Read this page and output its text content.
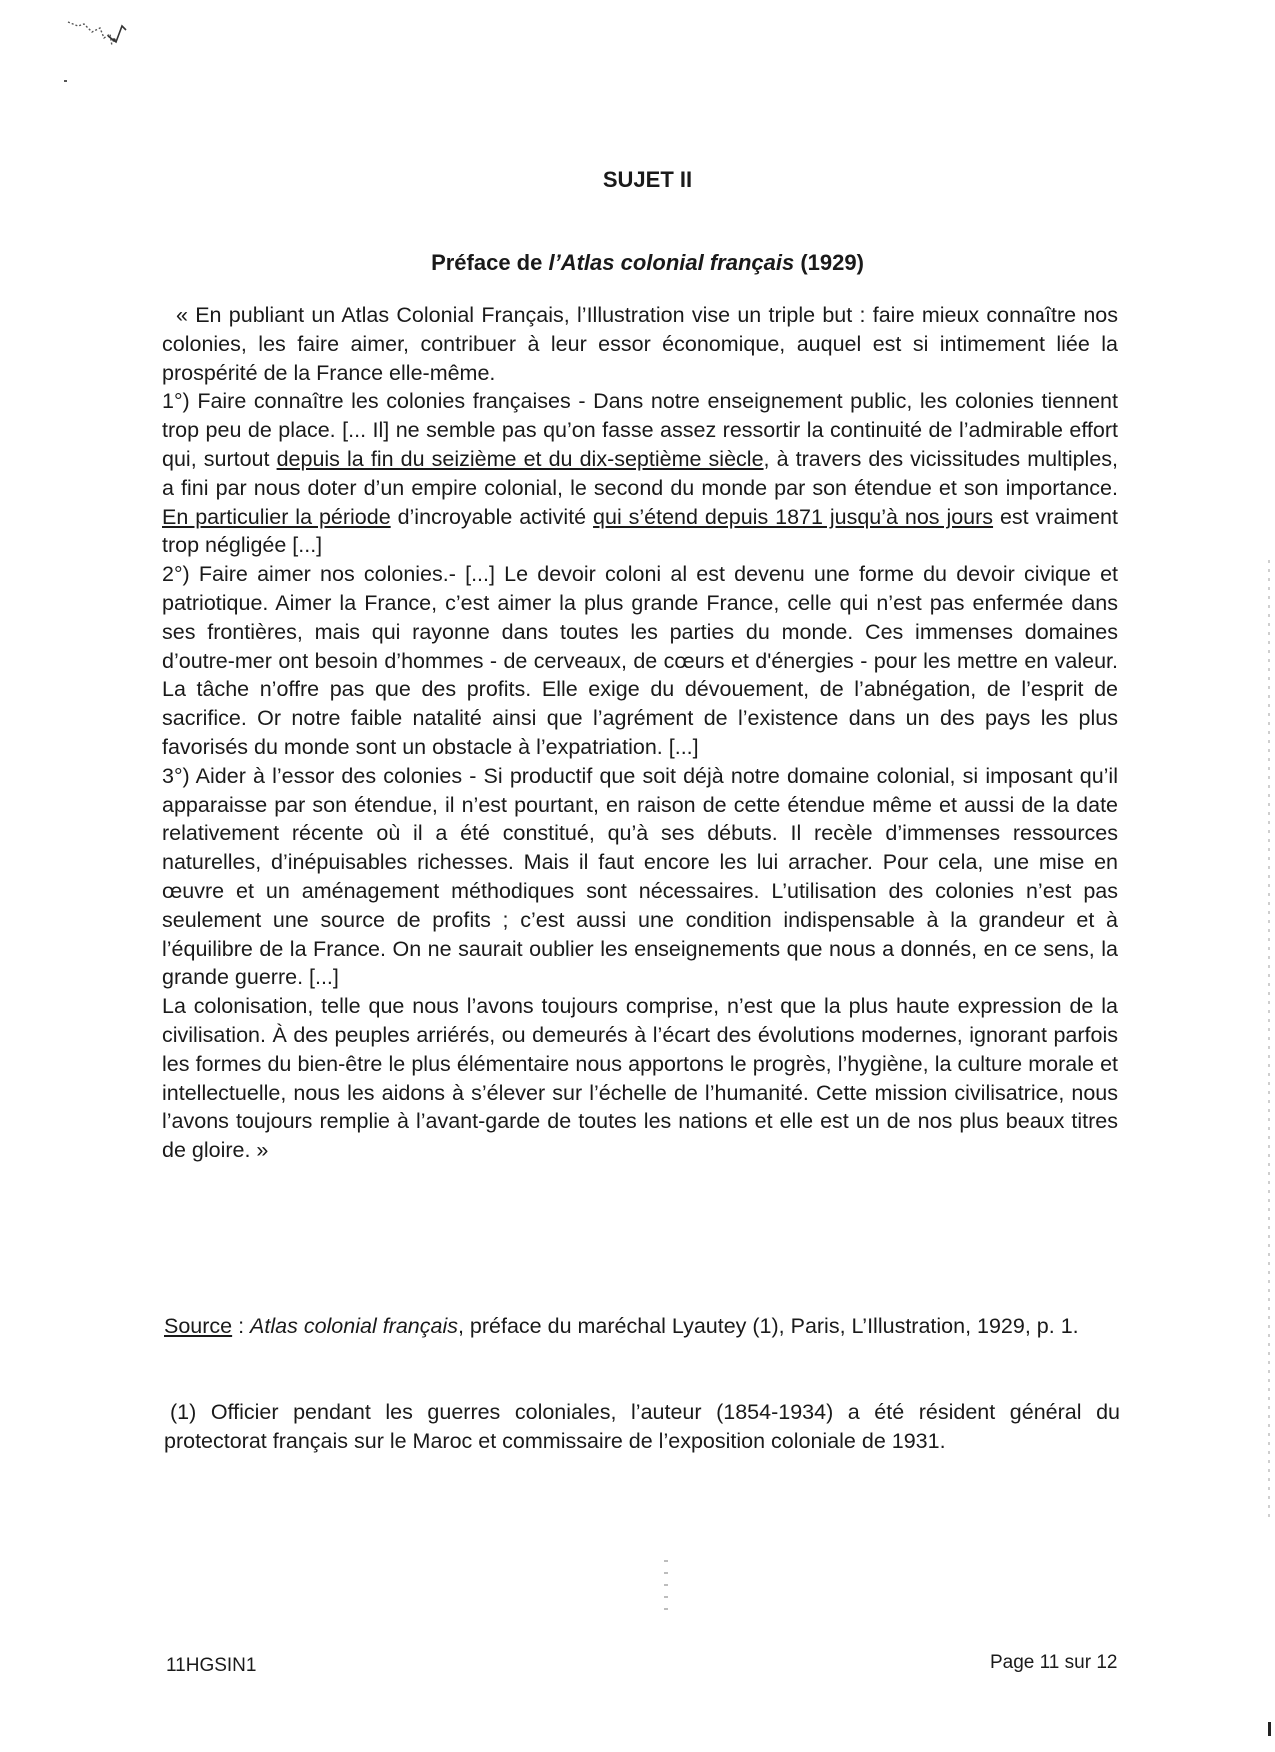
SUJET II
Préface de l’Atlas colonial français (1929)

« En publiant un Atlas Colonial Français, l’Illustration vise un triple but : faire mieux connaître nos colonies, les faire aimer, contribuer à leur essor économique, auquel est si intimement liée la prospérité de la France elle-même.

1°) Faire connaître les colonies françaises - Dans notre enseignement public, les colonies tiennent trop peu de place. [... Il] ne semble pas qu’on fasse assez ressortir la continuité de l’admirable effort qui, surtout depuis la fin du seizième et du dix-septième siècle, à travers des vicissitudes multiples, a fini par nous doter d’un empire colonial, le second du monde par son étendue et son importance. En particulier la période d’incroyable activité qui s’étend depuis 1871 jusqu’à nos jours est vraiment trop négligée [...]

2°) Faire aimer nos colonies.- [...] Le devoir coloni al est devenu une forme du devoir civique et patriotique. Aimer la France, c’est aimer la plus grande France, celle qui n’est pas enfermée dans ses frontières, mais qui rayonne dans toutes les parties du monde. Ces immenses domaines d’outre-mer ont besoin d’hommes - de cerveaux, de cœurs et d'énergies - pour les mettre en valeur. La tâche n’offre pas que des profits. Elle exige du dévouement, de l’abnégation, de l’esprit de sacrifice. Or notre faible natalité ainsi que l’agrément de l’existence dans un des pays les plus favorisés du monde sont un obstacle à l’expatriation. [...]

3°) Aider à l’essor des colonies - Si productif que soit déjà notre domaine colonial, si imposant qu’il apparaisse par son étendue, il n’est pourtant, en raison de cette étendue même et aussi de la date relativement récente où il a été constitué, qu’à ses débuts. Il recèle d’immenses ressources naturelles, d’inépuisables richesses. Mais il faut encore les lui arracher. Pour cela, une mise en œuvre et un aménagement méthodiques sont nécessaires. L’utilisation des colonies n’est pas seulement une source de profits ; c’est aussi une condition indispensable à la grandeur et à l’équilibre de la France. On ne saurait oublier les enseignements que nous a donnés, en ce sens, la grande guerre. [...]

La colonisation, telle que nous l’avons toujours comprise, n’est que la plus haute expression de la civilisation. À des peuples arriérés, ou demeurés à l’écart des évolutions modernes, ignorant parfois les formes du bien-être le plus élémentaire nous apportons le progrès, l’hygiène, la culture morale et intellectuelle, nous les aidons à s’élever sur l’échelle de l’humanité. Cette mission civilisatrice, nous l’avons toujours remplie à l’avant-garde de toutes les nations et elle est un de nos plus beaux titres de gloire. »

Source : Atlas colonial français, préface du maréchal Lyautey (1), Paris, L’Illustration, 1929, p. 1.

(1) Officier pendant les guerres coloniales, l’auteur (1854-1934) a été résident général du protectorat français sur le Maroc et commissaire de l’exposition coloniale de 1931.

11HGSIN1	Page 11 sur 12
